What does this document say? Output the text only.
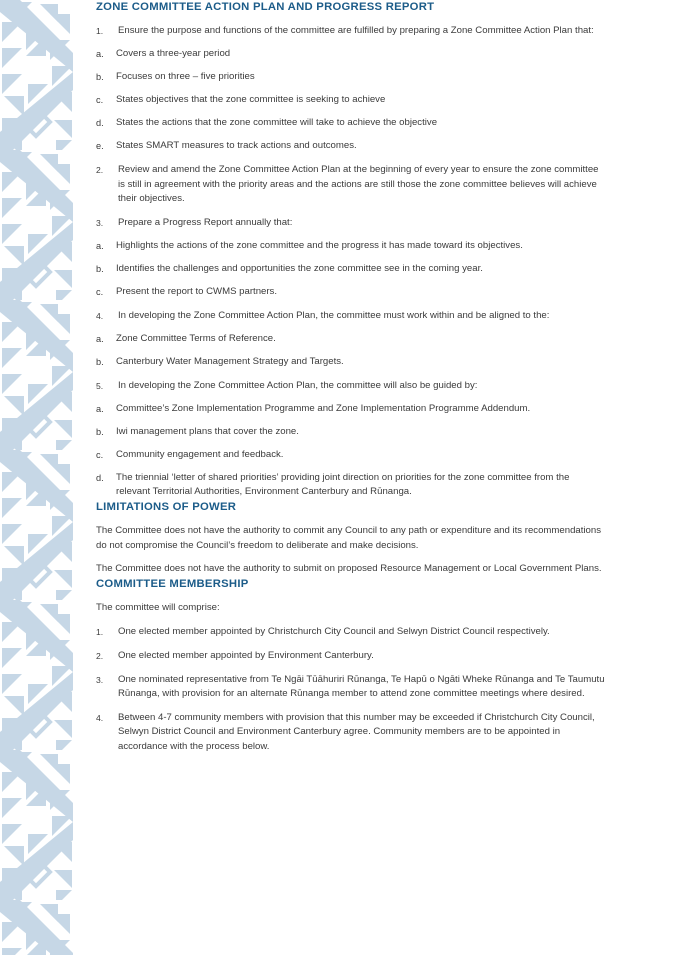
ZONE COMMITTEE ACTION PLAN AND PROGRESS REPORT
1.	Ensure the purpose and functions of the committee are fulfilled by preparing a Zone Committee Action Plan that:
a.	Covers a three-year period
b.	Focuses on three – five priorities
c.	States objectives that the zone committee is seeking to achieve
d.	States the actions that the zone committee will take to achieve the objective
e.	States SMART measures to track actions and outcomes.
2.	Review and amend the Zone Committee Action Plan at the beginning of every year to ensure the zone committee is still in agreement with the priority areas and the actions are still those the zone committee believes will achieve their objectives.
3.	Prepare a Progress Report annually that:
a.	Highlights the actions of the zone committee and the progress it has made toward its objectives.
b.	Identifies the challenges and opportunities the zone committee see in the coming year.
c.	Present the report to CWMS partners.
4.	In developing the Zone Committee Action Plan, the committee must work within and be aligned to the:
a.	Zone Committee Terms of Reference.
b.	Canterbury Water Management Strategy and Targets.
5.	In developing the Zone Committee Action Plan, the committee will also be guided by:
a.	Committee’s Zone Implementation Programme and Zone Implementation Programme Addendum.
b.	Iwi management plans that cover the zone.
c.	Community engagement and feedback.
d.	The triennial ‘letter of shared priorities’ providing joint direction on priorities for the zone committee from the relevant Territorial Authorities, Environment Canterbury and Rūnanga.
LIMITATIONS OF POWER

The Committee does not have the authority to commit any Council to any path or expenditure and its recommendations do not compromise the Council’s freedom to deliberate and make decisions.

The Committee does not have the authority to submit on proposed Resource Management or Local Government Plans.

COMMITTEE MEMBERSHIP

The committee will comprise:

1.	One elected member appointed by Christchurch City Council and Selwyn District Council respectively.
2.	One elected member appointed by Environment Canterbury.
3.	One nominated representative from Te Ngāi Tūāhuriri Rūnanga, Te Hapū o Ngāti Wheke Rūnanga and Te Taumutu Rūnanga, with provision for an alternate Rūnanga member to attend zone committee meetings where desired.
4.	Between 4-7 community members with provision that this number may be exceeded if Christchurch City Council, Selwyn District Council and Environment Canterbury agree. Community members are to be appointed in accordance with the process below.
